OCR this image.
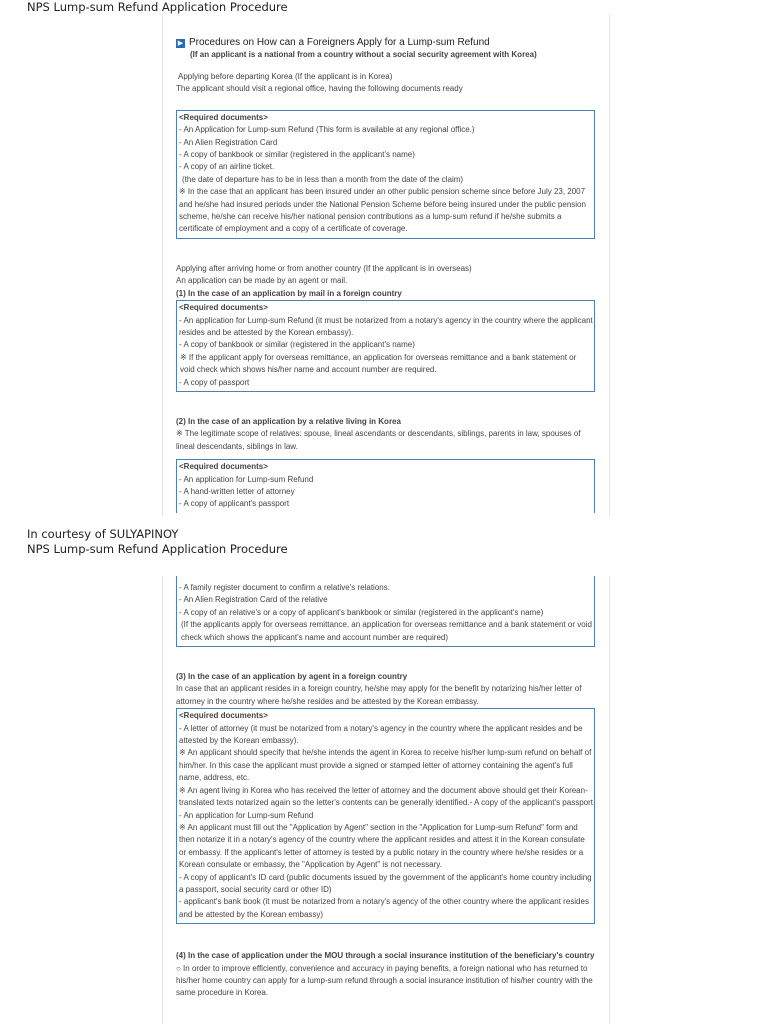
NPS Lump-sum Refund Application Procedure
▶ Procedures on How can a Foreigners Apply for a Lump-sum Refund

(If an applicant is a national from a country without a social security agreement with Korea)

Applying before departing Korea (If the applicant is in Korea)

The applicant should visit a regional office, having the following documents ready

<Required documents>

- An Application for Lump-sum Refund (This form is available at any regional office.)

- An Alien Registration Card

- A copy of bankbook or similar (registered in the applicant's name)

- A copy of an airline ticket.

(the date of departure has to be in less than a month from the date of the claim)

※ In the case that an applicant has been insured under an other public pension scheme since before July 23, 2007 and he/she had insured periods under the National Pension Scheme before being insured under the public pension scheme, he/she can receive his/her national pension contributions as a lump-sum refund if he/she submits a certificate of employment and a copy of a certificate of coverage.

Applying after arriving home or from another country (If the applicant is in overseas)

An application can be made by an agent or mail.

(1) In the case of an application by mail in a foreign country

<Required documents>

- An application for Lump-sum Refund (it must be notarized from a notary's agency in the country where the applicant resides and be attested by the Korean embassy).

- A copy of bankbook or similar (registered in the applicant's name)

※ If the applicant apply for overseas remittance, an application for overseas remittance and a bank statement or void check which shows his/her name and account number are required.

- A copy of passport

(2) In the case of an application by a relative living in Korea

※ The legitimate scope of relatives: spouse, lineal ascendants or descendants, siblings, parents in law, spouses of lineal descendants, siblings in law.

<Required documents>

- An application for Lump-sum Refund

- A hand-written letter of attorney

- A copy of applicant's passport

In courtesy of SULYAPINOY
NPS Lump-sum Refund Application Procedure

- A family register document to confirm a relative's relations.

- An Alien Registration Card of the relative

- A copy of an relative's or a copy of applicant's bankbook or similar (registered in the applicant's name)

(If the applicants apply for overseas remittance, an application for overseas remittance and a bank statement or void check which shows the applicant's name and account number are required)

(3) In the case of an application by agent in a foreign country

In case that an applicant resides in a foreign country, he/she may apply for the benefit by notarizing his/her letter of attorney in the country where he/she resides and be attested by the Korean embassy.

<Required documents>

- A letter of attorney (it must be notarized from a notary's agency in the country where the applicant resides and be attested by the Korean embassy).

※ An applicant should specify that he/she intends the agent in Korea to receive his/her lump-sum refund on behalf of him/her. In this case the applicant must provide a signed or stamped letter of attorney containing the agent's full name, address, etc.

※ An agent living in Korea who has received the letter of attorney and the document above should get their Korean-translated texts notarized again so the letter's contents can be generally identified.- A copy of the applicant's passport

- An application for Lump-sum Refund

※ An applicant must fill out the "Application by Agent" section in the "Application for Lump-sum Refund" form and then notarize it in a notary's agency of the country where the applicant resides and attest it in the Korean consulate or embassy. If the applicant's letter of attorney is tested by a public notary in the country where he/she resides or a Korean consulate or embassy, the "Application by Agent" is not necessary.

- A copy of applicant's ID card (public documents issued by the government of the applicant's home country including a passport, social security card or other ID)

- applicant's bank book (it must be notarized from a notary's agency of the other country where the applicant resides and be attested by the Korean embassy)

(4) In the case of application under the MOU through a social insurance institution of the beneficiary's country

○ In order to improve efficiently, convenience and accuracy in paying benefits, a foreign national who has returned to his/her home country can apply for a lump-sum refund through a social insurance institution of his/her country with the same procedure in Korea.
